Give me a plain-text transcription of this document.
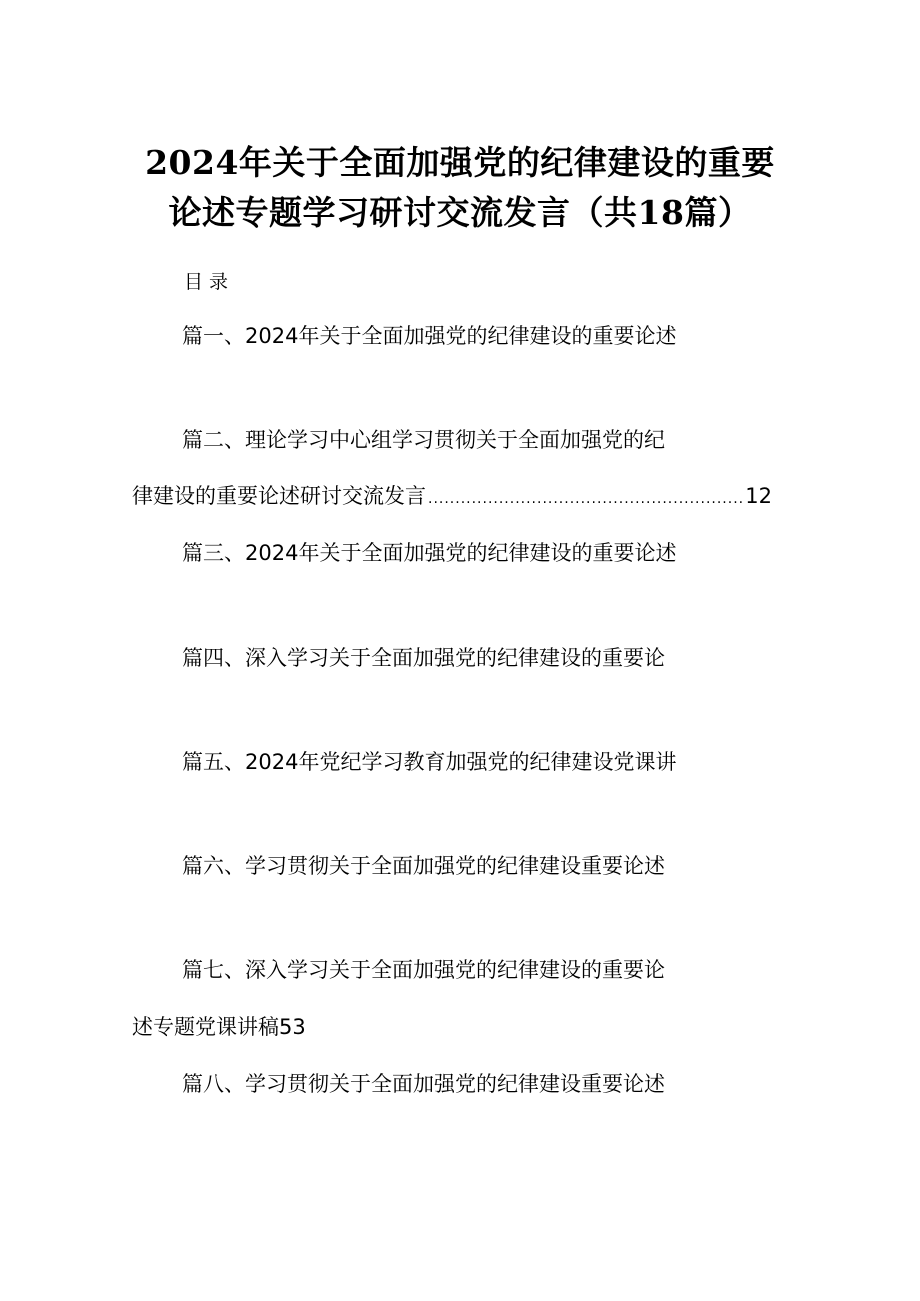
2024年关于全面加强党的纪律建设的重要
论述专题学习研讨交流发言（共18篇）
目录
篇一、2024年关于全面加强党的纪律建设的重要论述
篇二、理论学习中心组学习贯彻关于全面加强党的纪
律建设的重要论述研讨交流发言
.....	12
篇三、2024年关于全面加强党的纪律建设的重要论述
篇四、深入学习关于全面加强党的纪律建设的重要论
篇五、2024年党纪学习教育加强党的纪律建设党课讲
篇六、学习贯彻关于全面加强党的纪律建设重要论述
篇七、深入学习关于全面加强党的纪律建设的重要论
述专题党课讲稿53
篇八、学习贯彻关于全面加强党的纪律建设重要论述
